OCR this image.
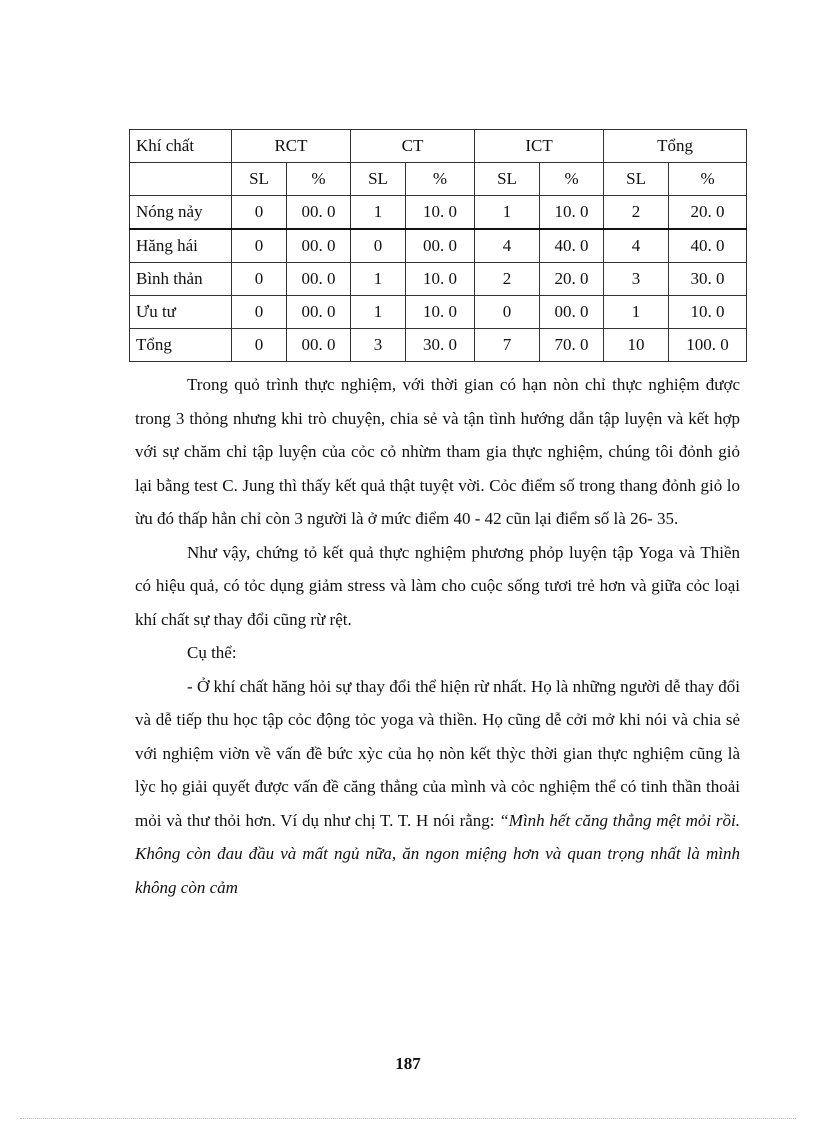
Khí chất	RCT		CT		ICT		Tổng	
	SL	%	SL	%	SL	%	SL	%
Nóng nảy	0	00. 0	1	10. 0	1	10. 0	2	20. 0
Hăng hái	0	00. 0	0	00. 0	4	40. 0	4	40. 0
Bình thản	0	00. 0	1	10. 0	2	20. 0	3	30. 0
Ưu tư	0	00. 0	1	10. 0	0	00. 0	1	10. 0
Tổng	0	00. 0	3	30. 0	7	70. 0	10	100. 0

Trong quỏ trình thực nghiệm, với thời gian có hạn nòn chỉ thực nghiệm được trong 3 thỏng nhưng khi trò chuyện, chia sẻ và tận tình hướng dẫn tập luyện và kết hợp với sự chăm chỉ tập luyện của cỏc cỏ nhừm tham gia thực nghiệm, chúng tôi đỏnh giỏ lại bằng test C. Jung thì thấy kết quả thật tuyệt vời. Cỏc điểm số trong thang đỏnh giỏ lo ừu đó thấp hẳn chỉ còn 3 người là ở mức điểm 40 - 42 cũn lại điểm số là 26- 35.

Như vậy, chứng tỏ kết quả thực nghiệm phương phỏp luyện tập Yoga và Thiền có hiệu quả, có tỏc dụng giảm stress và làm cho cuộc sống tươi trẻ hơn và giữa cỏc loại khí chất sự thay đổi cũng rừ rệt.

Cụ thể:

- Ở khí chất hăng hỏi sự thay đổi thể hiện rừ nhất. Họ là những người dễ thay đổi và dễ tiếp thu học tập cỏc động tỏc yoga và thiền. Họ cũng dễ cởi mở khi nói và chia sẻ với nghiệm viờn về vấn đề bức xỳc của họ nòn kết thỳc thời gian thực nghiệm cũng là lỳc họ giải quyết được vấn đề căng thẳng của mình và cỏc nghiệm thể có tinh thần thoải mỏi và thư thỏi hơn. Ví dụ như chị T. T. H nói rằng: “Mình hết căng thẳng mệt mỏi rồi. Không còn đau đầu và mất ngủ nữa, ăn ngon miệng hơn và quan trọng nhất là mình không còn cảm

187
